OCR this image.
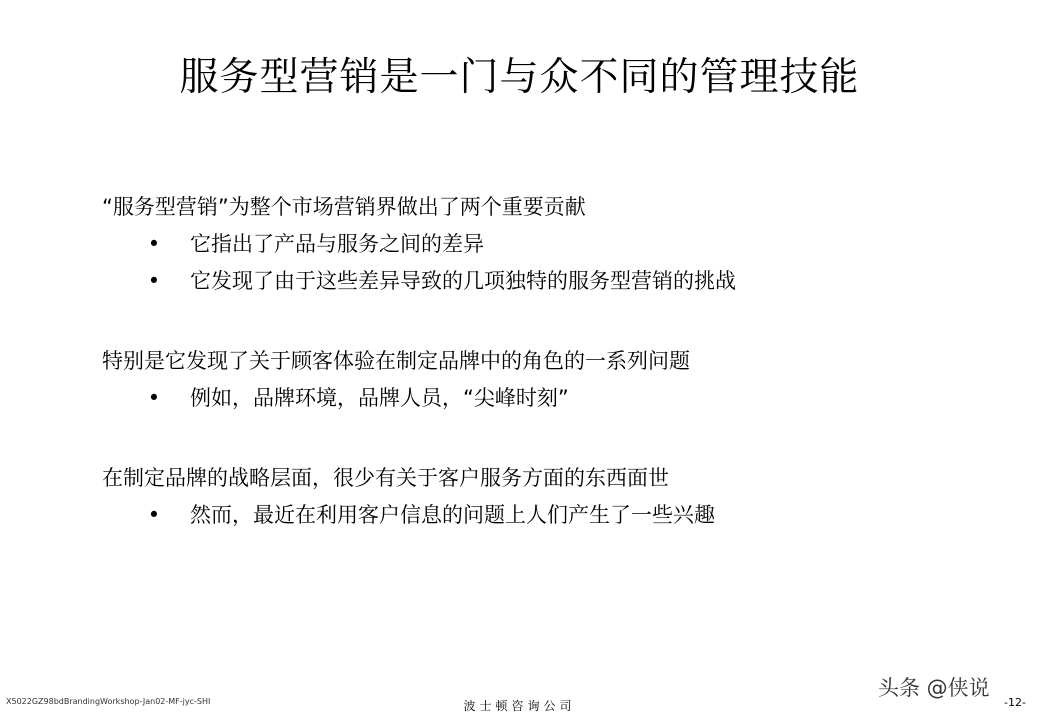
服务型营销是一门与众不同的管理技能
“服务型营销”为整个市场营销界做出了两个重要贡献
• 它指出了产品与服务之间的差异
• 它发现了由于这些差异导致的几项独特的服务型营销的挑战
特别是它发现了关于顾客体验在制定品牌中的角色的一系列问题
• 例如，品牌环境，品牌人员，“尖峰时刻”
在制定品牌的战略层面，很少有关于客户服务方面的东西面世
• 然而，最近在利用客户信息的问题上人们产生了一些兴趣
X5022GZ98bdBrandingWorkshop-Jan02-MF-jyc-SHI	波士顿咨询公司
头条 @侠说
-12-
